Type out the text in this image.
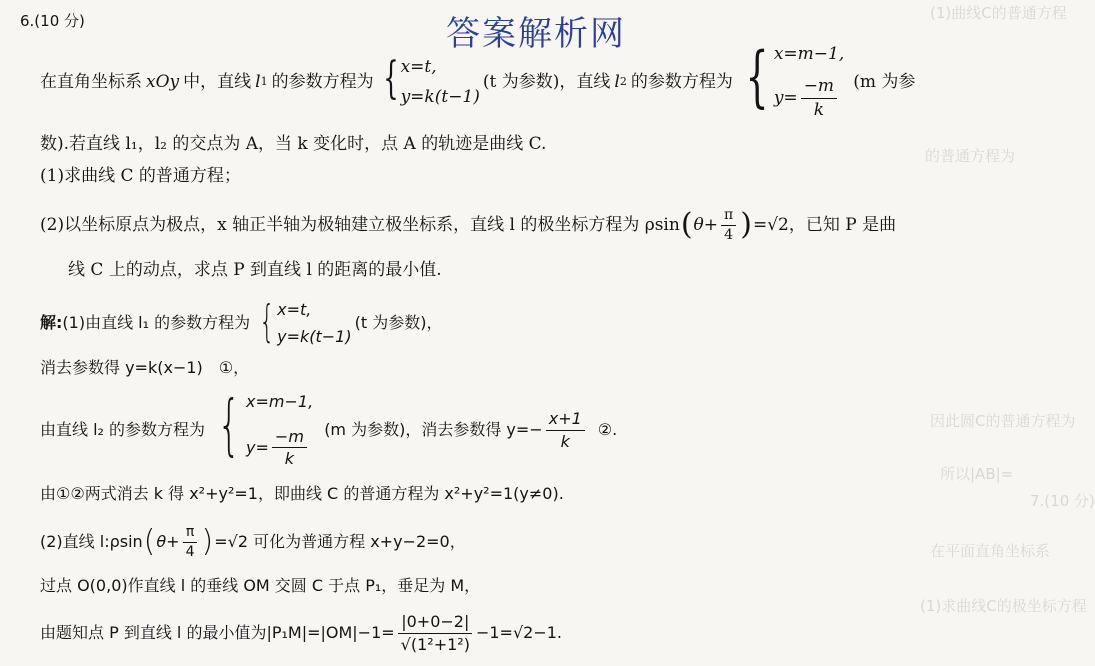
(1)曲线C的普通方程
的普通方程为
因此圆C的普通方程为
所以|AB|=
7.(10 分)
在平面直角坐标系
(1)求曲线C的极坐标方程
答案解析网
6.(10 分)
在直角坐标系 xOy 中，直线 l 1 的参数方程为 { x=t,
y=k(t−1)
(t 为参数)，直线 l 2 的参数方程为 { x=m−1,
$y= \frac{-m}{k} (m$ 为参
数).若直线 l₁，l₂ 的交点为 A，当 k 变化时，点 A 的轨迹是曲线 C.
(1)求曲线 C 的普通方程；
(2)以坐标原点为极点，x 轴正半轴为极轴建立极坐标系，直线 l 的极坐标方程为 ρsin ( $\theta+ \frac{\pi}{4}$ ) =√2，已知 P 是曲
线 C 上的动点，求点 P 到直线 l 的距离的最小值.
解: (1)由直线 l₁ 的参数方程为 { x=t,
y=k(t−1)
(t 为参数)，
消去参数得 y=k(x−1)　①，
由直线 l₂ 的参数方程为 { x=m−1,
$y= \frac{-m}{k} (m$ 为参数)，消去参数得 $y=- \frac{x+1}{k}$ ②.
由①②两式消去 k 得 x²+y²=1，即曲线 C 的普通方程为 x²+y²=1(y≠0).
(2)直线 l:ρsin ( $\theta+ \frac{\pi}{4}$ ) =√2 可化为普通方程 x+y−2=0，
过点 O(0,0)作直线 l 的垂线 OM 交圆 C 于点 P₁，垂足为 M，
由题知点 P 到直线 l 的最小值为$|P_1M|=|OM|-1= \frac{|0+0-2|}{\text{√(1²+1²)}} -1=√2-1$.
